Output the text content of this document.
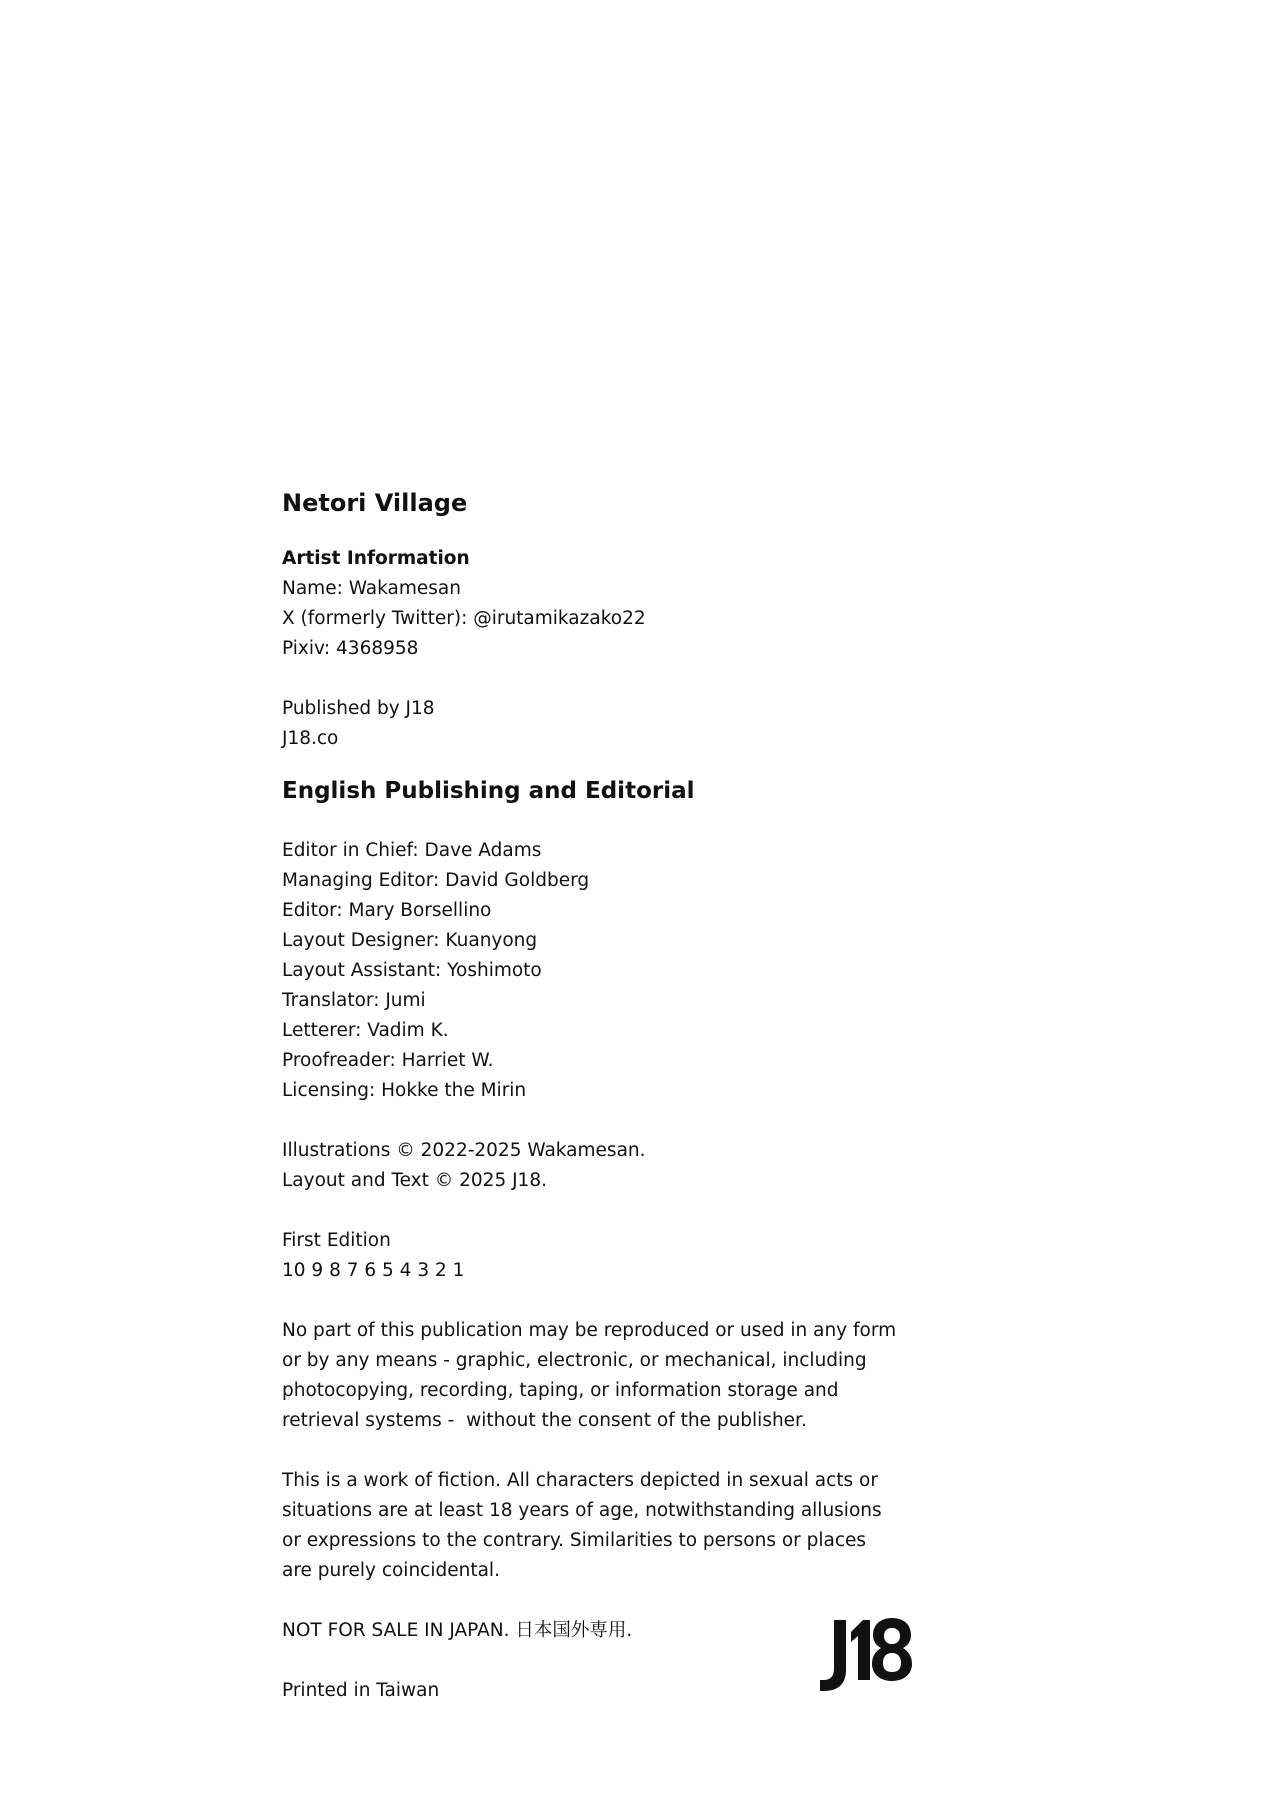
Netori Village
Artist Information
Name: Wakamesan
X (formerly Twitter): @irutamikazako22
Pixiv: 4368958
Published by J18
J18.co
English Publishing and Editorial
Editor in Chief: Dave Adams
Managing Editor: David Goldberg
Editor: Mary Borsellino
Layout Designer: Kuanyong
Layout Assistant: Yoshimoto
Translator: Jumi
Letterer: Vadim K.
Proofreader: Harriet W.
Licensing: Hokke the Mirin
Illustrations © 2022-2025 Wakamesan.
Layout and Text © 2025 J18.
First Edition
10 9 8 7 6 5 4 3 2 1
No part of this publication may be reproduced or used in any form
or by any means - graphic, electronic, or mechanical, including
photocopying, recording, taping, or information storage and
retrieval systems -  without the consent of the publisher.
This is a work of ﬁction. All characters depicted in sexual acts or
situations are at least 18 years of age, notwithstanding allusions
or expressions to the contrary. Similarities to persons or places
are purely coincidental.
NOT FOR SALE IN JAPAN. 日本国外専用.
Printed in Taiwan
